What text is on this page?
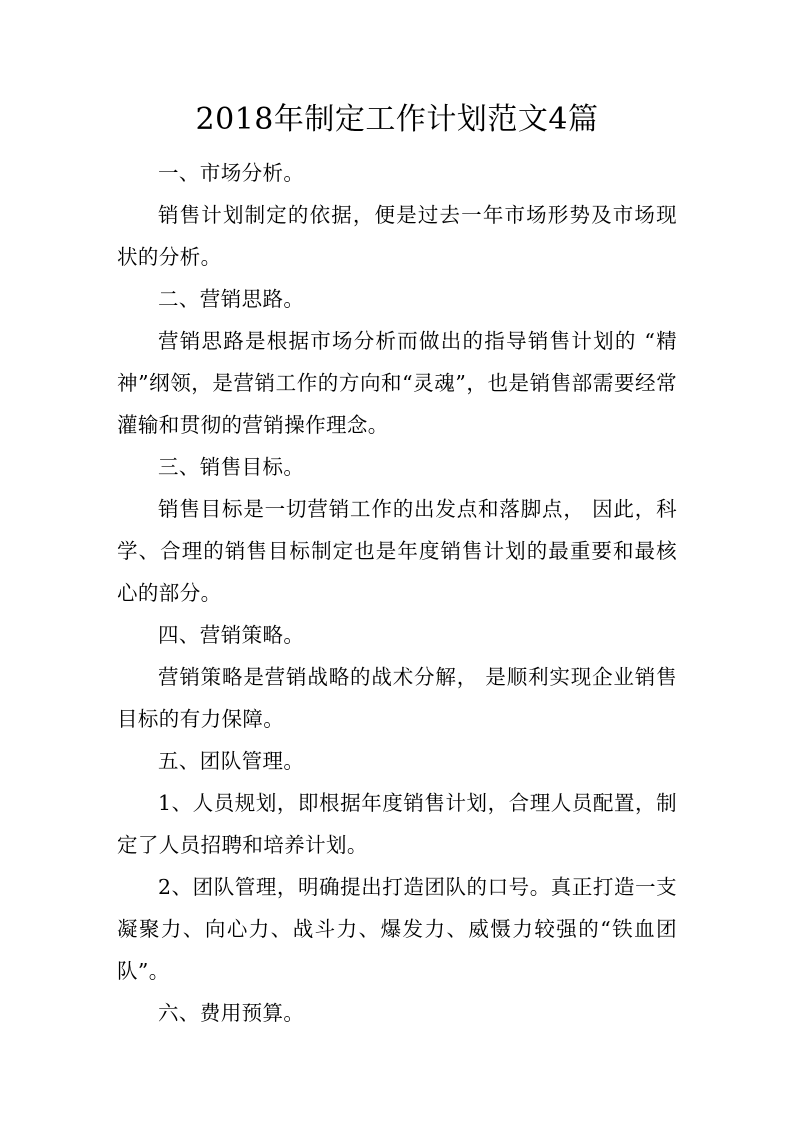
2018年制定工作计划范文4篇

一、市场分析。

销售计划制定的依据，便是过去一年市场形势及市场现状的分析。

二、营销思路。

营销思路是根据市场分析而做出的指导销售计划的 “精神”纲领，是营销工作的方向和“灵魂”，也是销售部需要经常灌输和贯彻的营销操作理念。

三、销售目标。

销售目标是一切营销工作的出发点和落脚点， 因此，科学、合理的销售目标制定也是年度销售计划的最重要和最核心的部分。

四、营销策略。

营销策略是营销战略的战术分解， 是顺利实现企业销售目标的有力保障。

五、团队管理。

1、人员规划，即根据年度销售计划，合理人员配置，制定了人员招聘和培养计划。

2、团队管理，明确提出打造团队的口号。真正打造一支凝聚力、向心力、战斗力、爆发力、威慑力较强的“铁血团队”。

六、费用预算。
